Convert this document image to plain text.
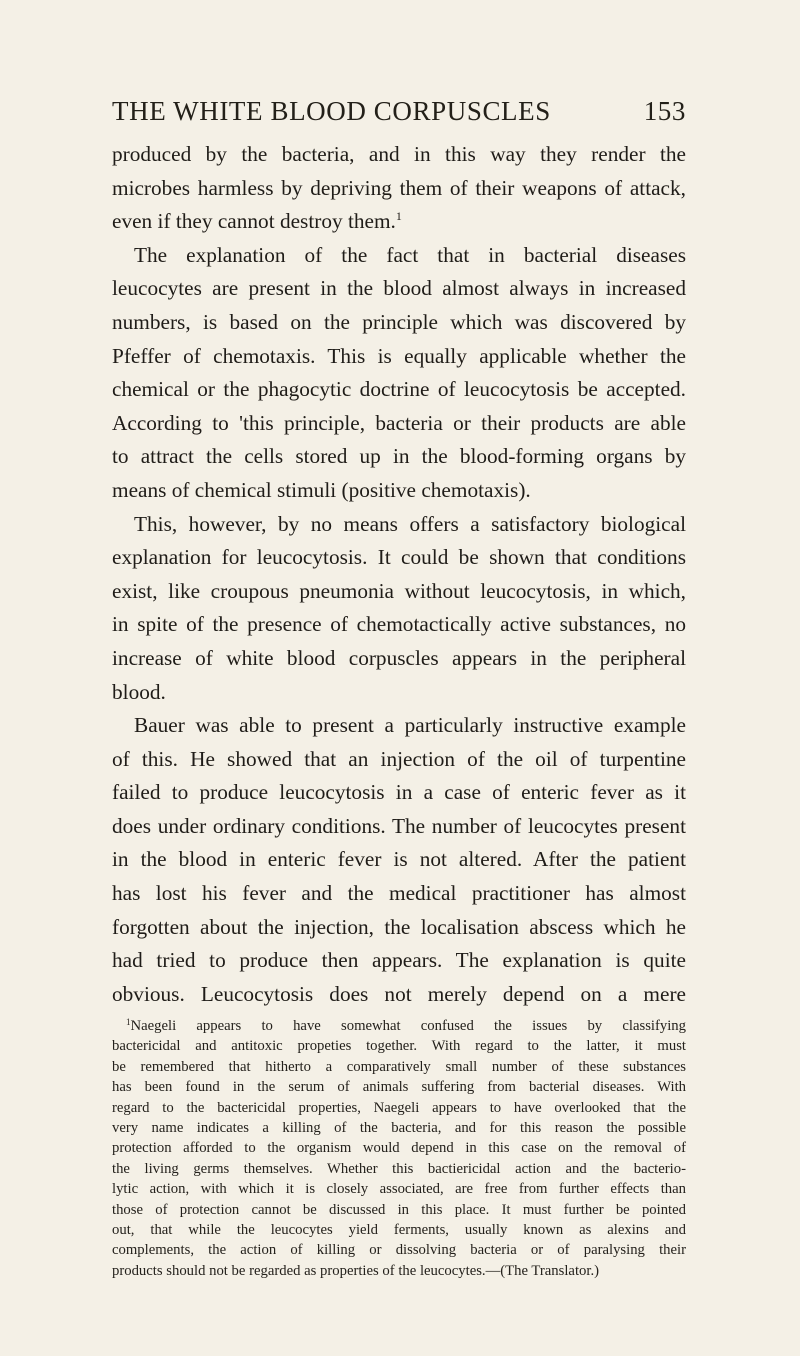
THE WHITE BLOOD CORPUSCLES	153
produced by the bacteria, and in this way they render the
microbes harmless by depriving them of their weapons of attack,
even if they cannot destroy them.$^1$
The explanation of the fact that in bacterial diseases
leucocytes are present in the blood almost always in increased
numbers, is based on the principle which was discovered by
Pfeffer of chemotaxis. This is equally applicable whether the
chemical or the phagocytic doctrine of leucocytosis be accepted.
According to 'this principle, bacteria or their products are able
to attract the cells stored up in the blood-forming organs by
means of chemical stimuli (positive chemotaxis).
This, however, by no means offers a satisfactory biological
explanation for leucocytosis. It could be shown that conditions
exist, like croupous pneumonia without leucocytosis, in which,
in spite of the presence of chemotactically active substances, no
increase of white blood corpuscles appears in the peripheral
blood.
Bauer was able to present a particularly instructive example
of this. He showed that an injection of the oil of turpentine
failed to produce leucocytosis in a case of enteric fever as it
does under ordinary conditions. The number of leucocytes present
in the blood in enteric fever is not altered. After the patient
has lost his fever and the medical practitioner has almost
forgotten about the injection, the localisation abscess which he
had tried to produce then appears. The explanation is quite
obvious. Leucocytosis does not merely depend on a mere
$^1$Naegeli appears to have somewhat confused the issues by classifying
bactericidal and antitoxic propeties together. With regard to the latter, it must
be remembered that hitherto a comparatively small number of these substances
has been found in the serum of animals suffering from bacterial diseases. With
regard to the bactericidal properties, Naegeli appears to have overlooked that the
very name indicates a killing of the bacteria, and for this reason the possible
protection afforded to the organism would depend in this case on the removal of
the living germs themselves. Whether this bactiericidal action and the bacterio-
lytic action, with which it is closely associated, are free from further effects than
those of protection cannot be discussed in this place. It must further be pointed
out, that while the leucocytes yield ferments, usually known as alexins and
complements, the action of killing or dissolving bacteria or of paralysing their
products should not be regarded as properties of the leucocytes.—(The Translator.)
